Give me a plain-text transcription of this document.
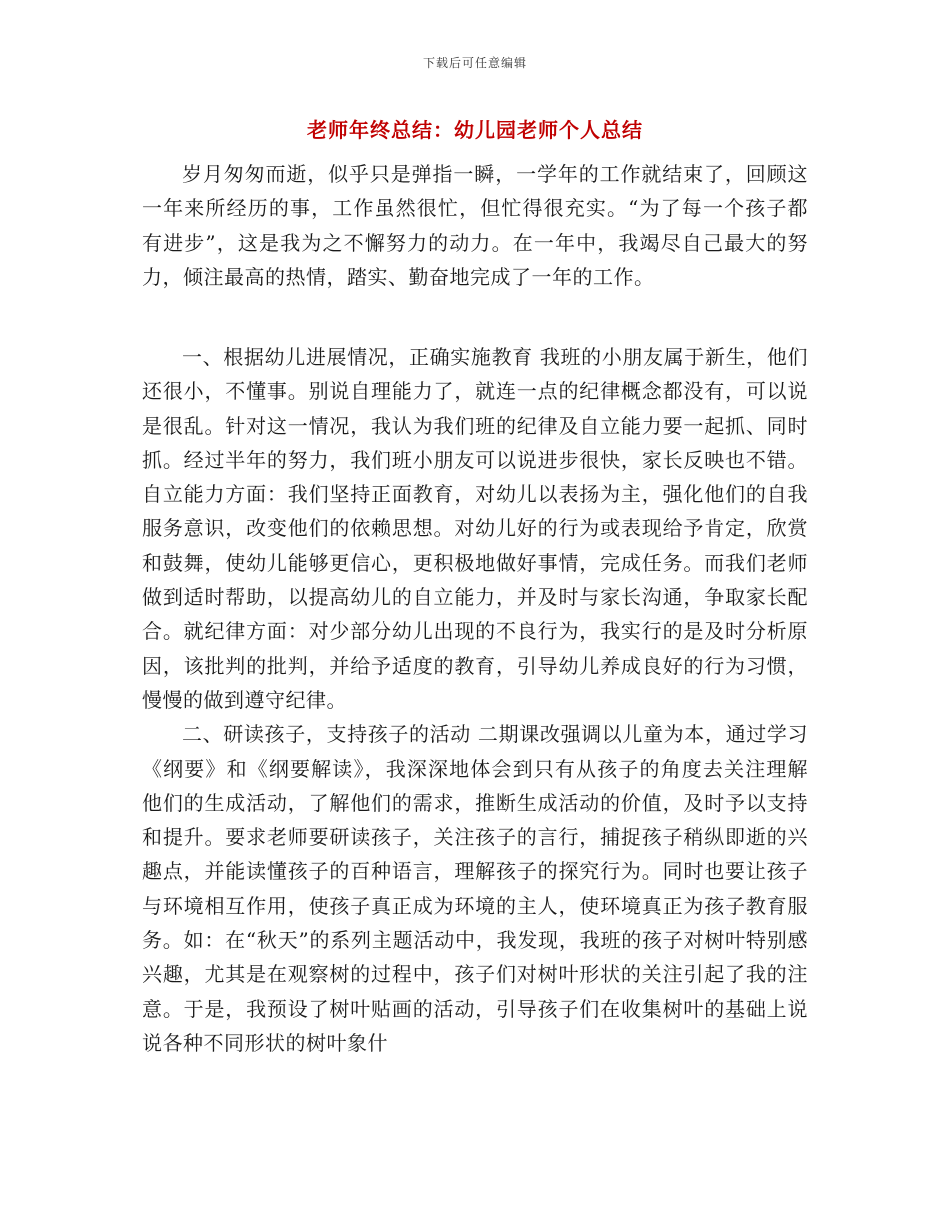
下载后可任意编辑
老师年终总结：幼儿园老师个人总结

岁月匆匆而逝，似乎只是弹指一瞬，一学年的工作就结束了，回顾这一年来所经历的事，工作虽然很忙，但忙得很充实。“为了每一个孩子都有进步”，这是我为之不懈努力的动力。在一年中，我竭尽自己最大的努力，倾注最高的热情，踏实、勤奋地完成了一年的工作。

一、根据幼儿进展情况，正确实施教育 我班的小朋友属于新生，他们还很小，不懂事。别说自理能力了，就连一点的纪律概念都没有，可以说是很乱。针对这一情况，我认为我们班的纪律及自立能力要一起抓、同时抓。经过半年的努力，我们班小朋友可以说进步很快，家长反映也不错。自立能力方面：我们坚持正面教育，对幼儿以表扬为主，强化他们的自我服务意识，改变他们的依赖思想。对幼儿好的行为或表现给予肯定，欣赏和鼓舞，使幼儿能够更信心，更积极地做好事情，完成任务。而我们老师做到适时帮助，以提高幼儿的自立能力，并及时与家长沟通，争取家长配合。就纪律方面：对少部分幼儿出现的不良行为，我实行的是及时分析原因，该批判的批判，并给予适度的教育，引导幼儿养成良好的行为习惯，慢慢的做到遵守纪律。

二、研读孩子，支持孩子的活动 二期课改强调以儿童为本，通过学习《纲要》和《纲要解读》，我深深地体会到只有从孩子的角度去关注理解他们的生成活动，了解他们的需求，推断生成活动的价值，及时予以支持和提升。要求老师要研读孩子，关注孩子的言行，捕捉孩子稍纵即逝的兴趣点，并能读懂孩子的百种语言，理解孩子的探究行为。同时也要让孩子与环境相互作用，使孩子真正成为环境的主人，使环境真正为孩子教育服务。如：在“秋天”的系列主题活动中，我发现，我班的孩子对树叶特别感兴趣，尤其是在观察树的过程中，孩子们对树叶形状的关注引起了我的注意。于是，我预设了树叶贴画的活动，引导孩子们在收集树叶的基础上说说各种不同形状的树叶象什
